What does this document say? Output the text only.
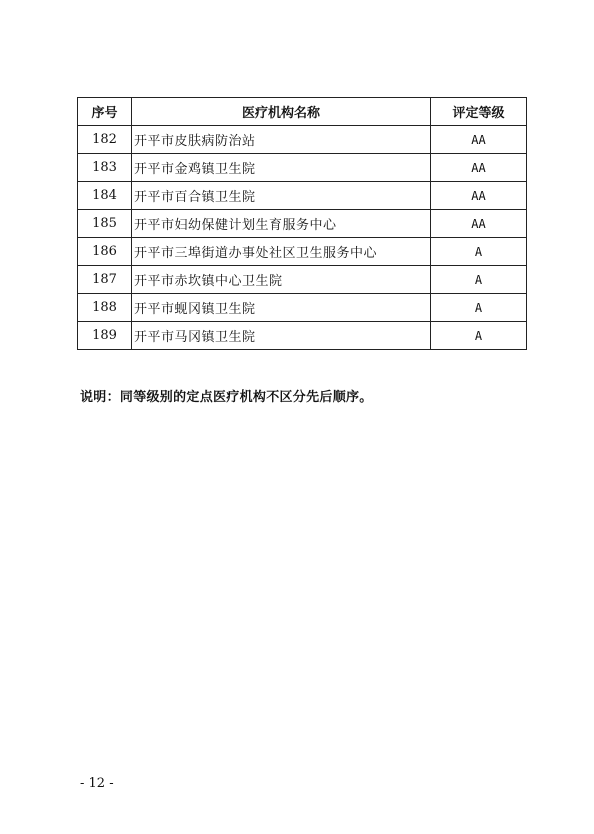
序号	医疗机构名称	评定等级
182	开平市皮肤病防治站	AA
183	开平市金鸡镇卫生院	AA
184	开平市百合镇卫生院	AA
185	开平市妇幼保健计划生育服务中心	AA
186	开平市三埠街道办事处社区卫生服务中心	A
187	开平市赤坎镇中心卫生院	A
188	开平市蚬冈镇卫生院	A
189	开平市马冈镇卫生院	A
说明：同等级别的定点医疗机构不区分先后顺序。
- 12 -
